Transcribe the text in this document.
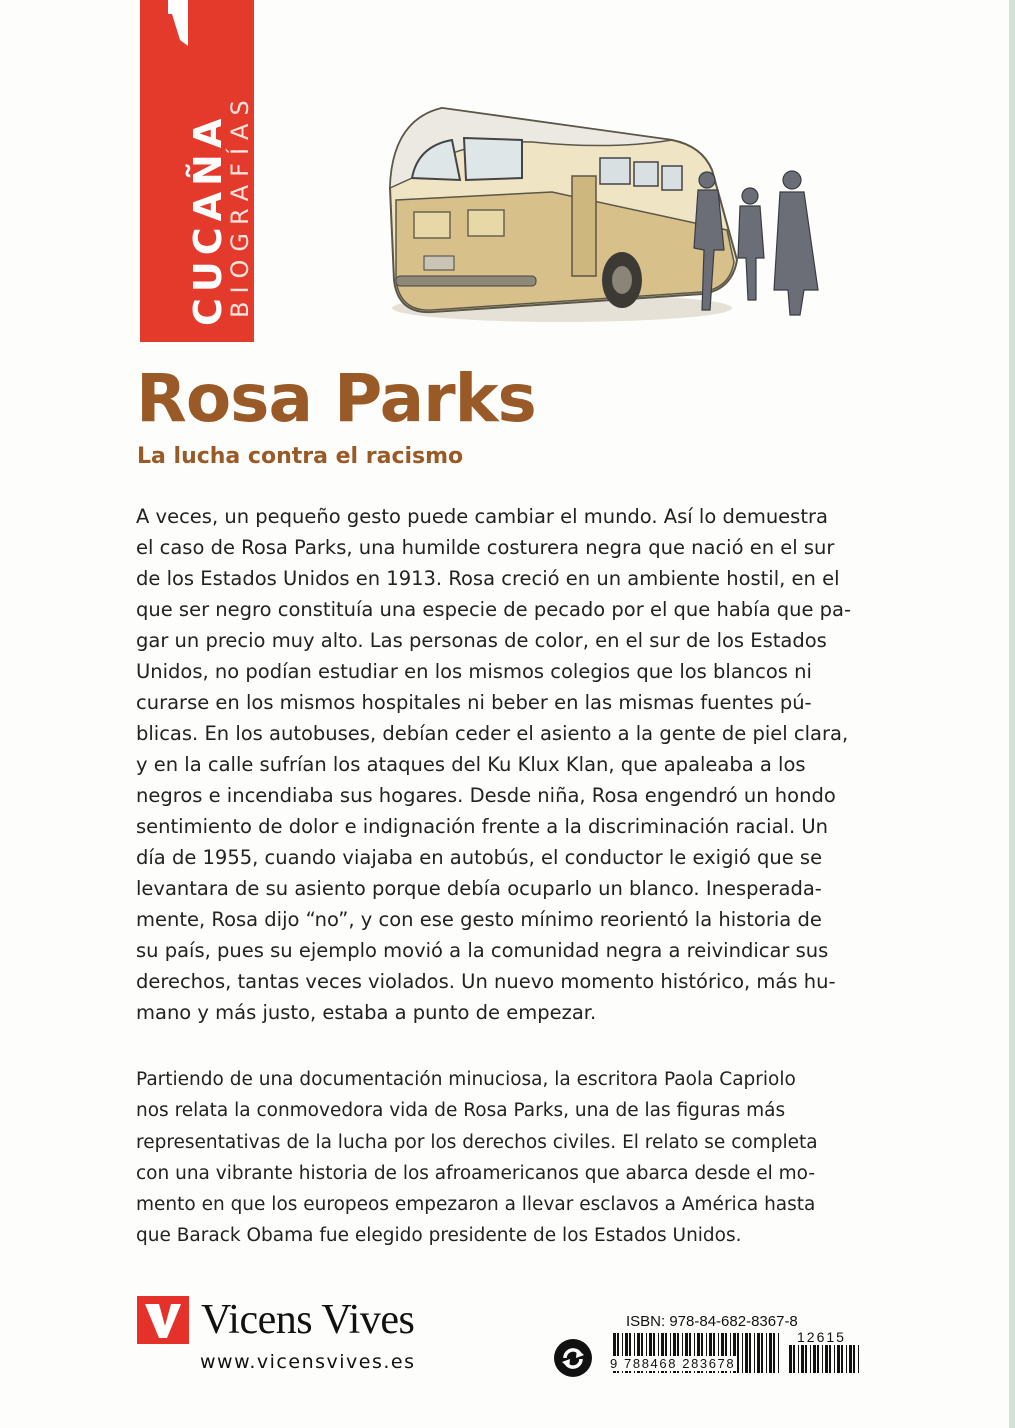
CUCAÑA
BIOGRAFÍAS
Rosa Parks
La lucha contra el racismo
A veces, un pequeño gesto puede cambiar el mundo. Así lo demuestra
el caso de Rosa Parks, una humilde costurera negra que nació en el sur
de los Estados Unidos en 1913. Rosa creció en un ambiente hostil, en el
que ser negro constituía una especie de pecado por el que había que pa-
gar un precio muy alto. Las personas de color, en el sur de los Estados
Unidos, no podían estudiar en los mismos colegios que los blancos ni
curarse en los mismos hospitales ni beber en las mismas fuentes pú-
blicas. En los autobuses, debían ceder el asiento a la gente de piel clara,
y en la calle sufrían los ataques del Ku Klux Klan, que apaleaba a los
negros e incendiaba sus hogares. Desde niña, Rosa engendró un hondo
sentimiento de dolor e indignación frente a la discriminación racial. Un
día de 1955, cuando viajaba en autobús, el conductor le exigió que se
levantara de su asiento porque debía ocuparlo un blanco. Inesperada-
mente, Rosa dijo “no”, y con ese gesto mínimo reorientó la historia de
su país, pues su ejemplo movió a la comunidad negra a reivindicar sus
derechos, tantas veces violados. Un nuevo momento histórico, más hu-
mano y más justo, estaba a punto de empezar.
Partiendo de una documentación minuciosa, la escritora Paola Capriolo
nos relata la conmovedora vida de Rosa Parks, una de las figuras más
representativas de la lucha por los derechos civiles. El relato se completa
con una vibrante historia de los afroamericanos que abarca desde el mo-
mento en que los europeos empezaron a llevar esclavos a América hasta
que Barack Obama fue elegido presidente de los Estados Unidos.
Vicens Vives
www.vicensvives.es
ISBN: 978-84-682-8367-8
12615
9 788468 283678
